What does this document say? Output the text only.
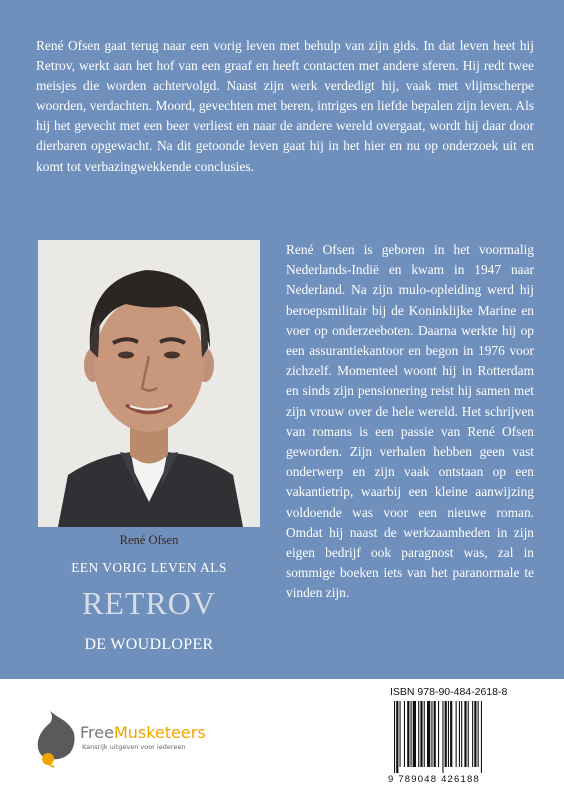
René Ofsen gaat terug naar een vorig leven met behulp van zijn gids. In dat leven heet hij Retrov, werkt aan het hof van een graaf en heeft contacten met andere sferen. Hij redt twee meisjes die worden achtervolgd. Naast zijn werk verdedigt hij, vaak met vlijmscherpe woorden, verdachten. Moord, gevechten met beren, intriges en liefde bepalen zijn leven. Als hij het gevecht met een beer verliest en naar de andere wereld overgaat, wordt hij daar door dierbaren opgewacht. Na dit getoonde leven gaat hij in het hier en nu op onderzoek uit en komt tot verbazingwekkende conclusies.

René Ofsen
EEN VORIG LEVEN ALS
RETROV
DE WOUDLOPER

René Ofsen is geboren in het voormalig Nederlands-Indië en kwam in 1947 naar Nederland. Na zijn mulo-opleiding werd hij beroepsmilitair bij de Koninklijke Marine en voer op onderzeeboten. Daarna werkte hij op een assurantiekantoor en begon in 1976 voor zichzelf. Momenteel woont hij in Rotterdam en sinds zijn pensionering reist hij samen met zijn vrouw over de hele wereld. Het schrijven van romans is een passie van René Ofsen geworden. Zijn verhalen hebben geen vast onderwerp en zijn vaak ontstaan op een vakantietrip, waarbij een kleine aanwijzing voldoende was voor een nieuwe roman. Omdat hij naast de werkzaamheden in zijn eigen bedrijf ook paragnost was, zal in sommige boeken iets van het paranormale te vinden zijn.

FreeMusketeers
Kansrijk uitgeven voor iedereen
ISBN 978-90-484-2618-8
9 789048 426188
